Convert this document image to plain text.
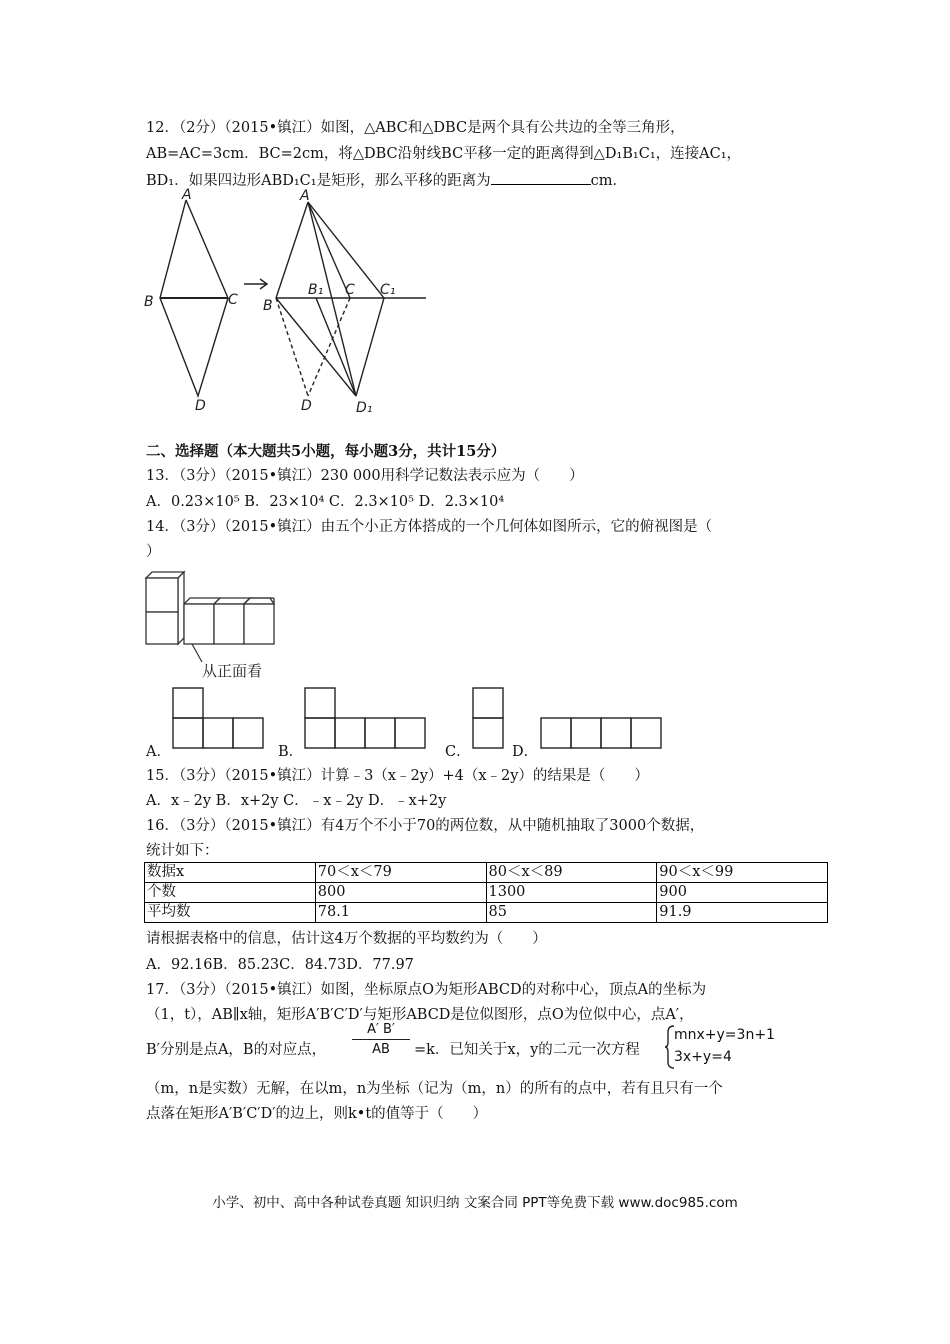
12．（2分）（2015•镇江）如图，△ABC和△DBC是两个具有公共边的全等三角形，
AB=AC=3cm．BC=2cm，将△DBC沿射线BC平移一定的距离得到△D₁B₁C₁，连接AC₁，
BD₁．如果四边形ABD₁C₁是矩形，那么平移的距离为	cm．
A
B	C
D
A
B
B₁ C C₁
D	D₁
二、选择题（本大题共5小题，每小题3分，共计15分）
13．（3分）（2015•镇江）230 000用科学记数法表示应为（　　）
A．0.23×10⁵ B．23×10⁴ C．2.3×10⁵ D．2.3×10⁴
14．（3分）（2015•镇江）由五个小正方体搭成的一个几何体如图所示，它的俯视图是（
）
从正面看
A．	B．	C．	D．
15．（3分）（2015•镇江）计算﹣3（x﹣2y）+4（x﹣2y）的结果是（　　）
A．x﹣2y B．x+2y C．﹣x﹣2y D．﹣x+2y
16．（3分）（2015•镇江）有4万个不小于70的两位数，从中随机抽取了3000个数据，
统计如下：
数据x	70＜x＜79	80＜x＜89	90＜x＜99
个数	800	1300	900
平均数	78.1	85	91.9
请根据表格中的信息，估计这4万个数据的平均数约为（　　）
A．92.16B．85.23C．84.73D．77.97
17．（3分）（2015•镇江）如图，坐标原点O为矩形ABCD的对称中心，顶点A的坐标为
（1，t），AB∥x轴，矩形A′B′C′D′与矩形ABCD是位似图形，点O为位似中心，点A′，
B′分别是点A，B的对应点，
A′ B′
AB	=k．已知关于x，y的二元一次方程
mnx+y=3n+1
3x+y=4
（m，n是实数）无解，在以m，n为坐标（记为（m，n）的所有的点中，若有且只有一个
点落在矩形A′B′C′D′的边上，则k•t的值等于（　　）
小学、初中、高中各种试卷真题 知识归纳 文案合同 PPT等免费下载 www.doc985.com
